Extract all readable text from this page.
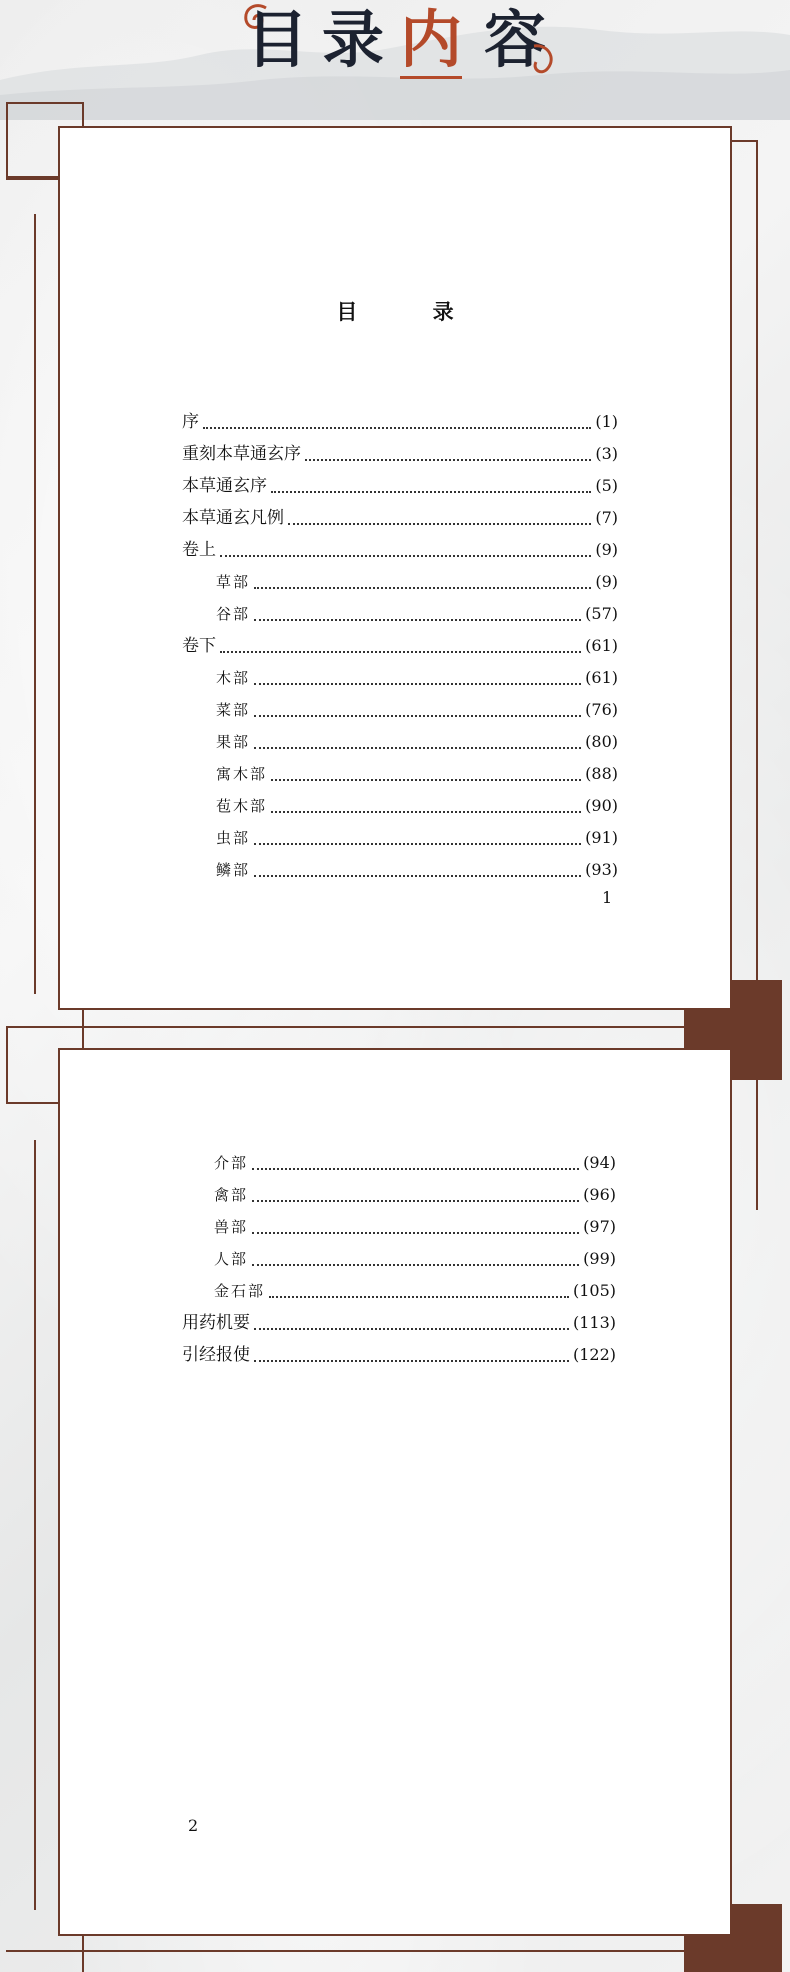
目 录 内 容
目 录
序	(1)
重刻本草通玄序	(3)
本草通玄序	(5)
本草通玄凡例	(7)
卷上	(9)
草部	(9)
谷部	(57)
卷下	(61)
木部	(61)
菜部	(76)
果部	(80)
寓木部	(88)
苞木部	(90)
虫部	(91)
鳞部	(93)
1
介部	(94)
禽部	(96)
兽部	(97)
人部	(99)
金石部	(105)
用药机要	(113)
引经报使	(122)
2
